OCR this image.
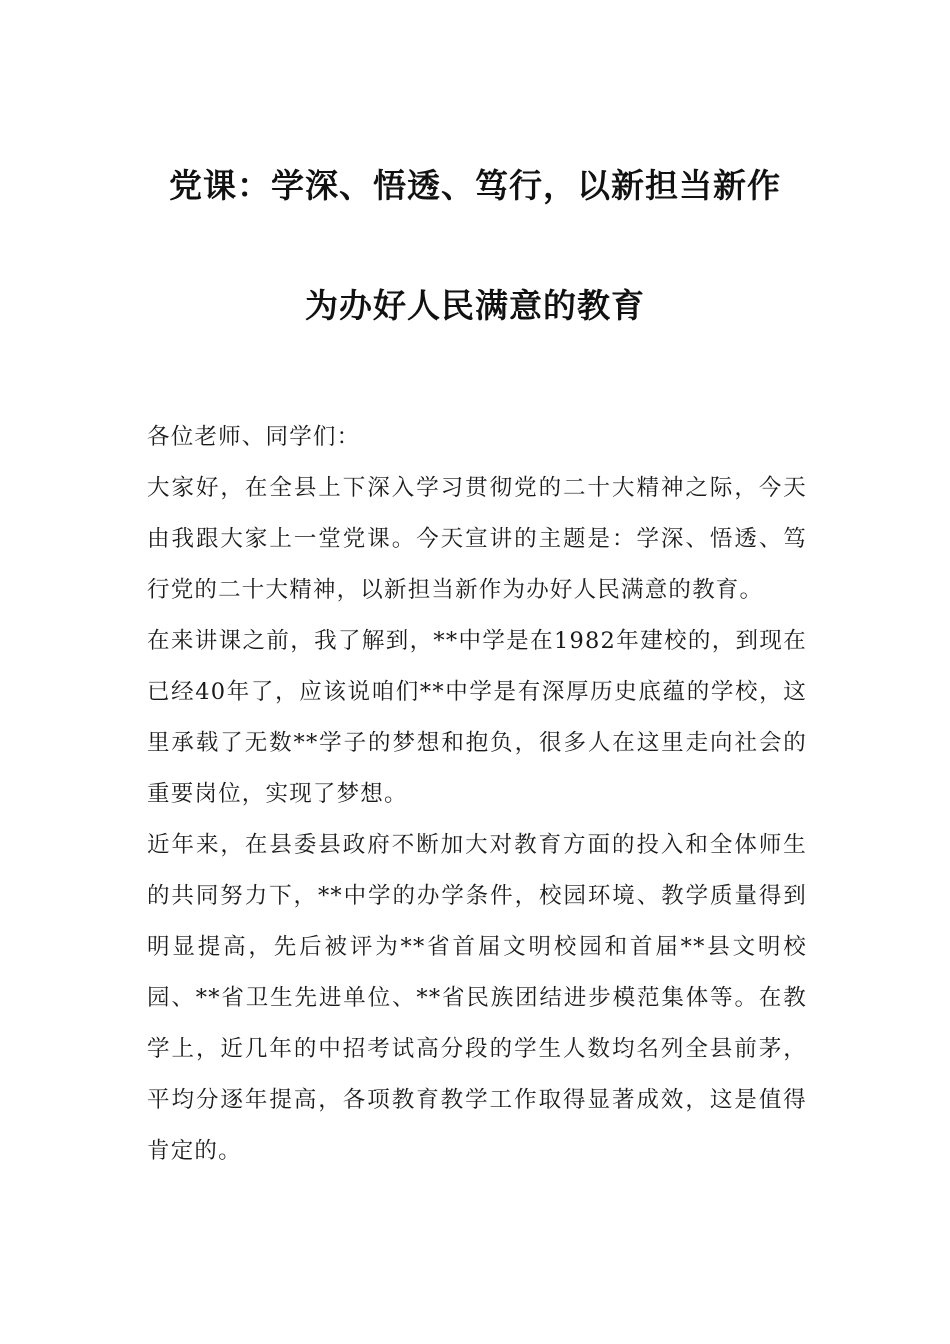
党课：学深、悟透、笃行，以新担当新作
为办好人民满意的教育

各位老师、同学们：

大家好，在全县上下深入学习贯彻党的二十大精神之际，今天由我跟大家上一堂党课。今天宣讲的主题是：学深、悟透、笃行党的二十大精神，以新担当新作为办好人民满意的教育。

在来讲课之前，我了解到，**中学是在1982年建校的，到现在已经40年了，应该说咱们**中学是有深厚历史底蕴的学校，这里承载了无数**学子的梦想和抱负，很多人在这里走向社会的重要岗位，实现了梦想。

近年来，在县委县政府不断加大对教育方面的投入和全体师生的共同努力下，**中学的办学条件，校园环境、教学质量得到明显提高，先后被评为**省首届文明校园和首届**县文明校园、**省卫生先进单位、**省民族团结进步模范集体等。在教学上，近几年的中招考试高分段的学生人数均名列全县前茅，平均分逐年提高，各项教育教学工作取得显著成效，这是值得肯定的。
